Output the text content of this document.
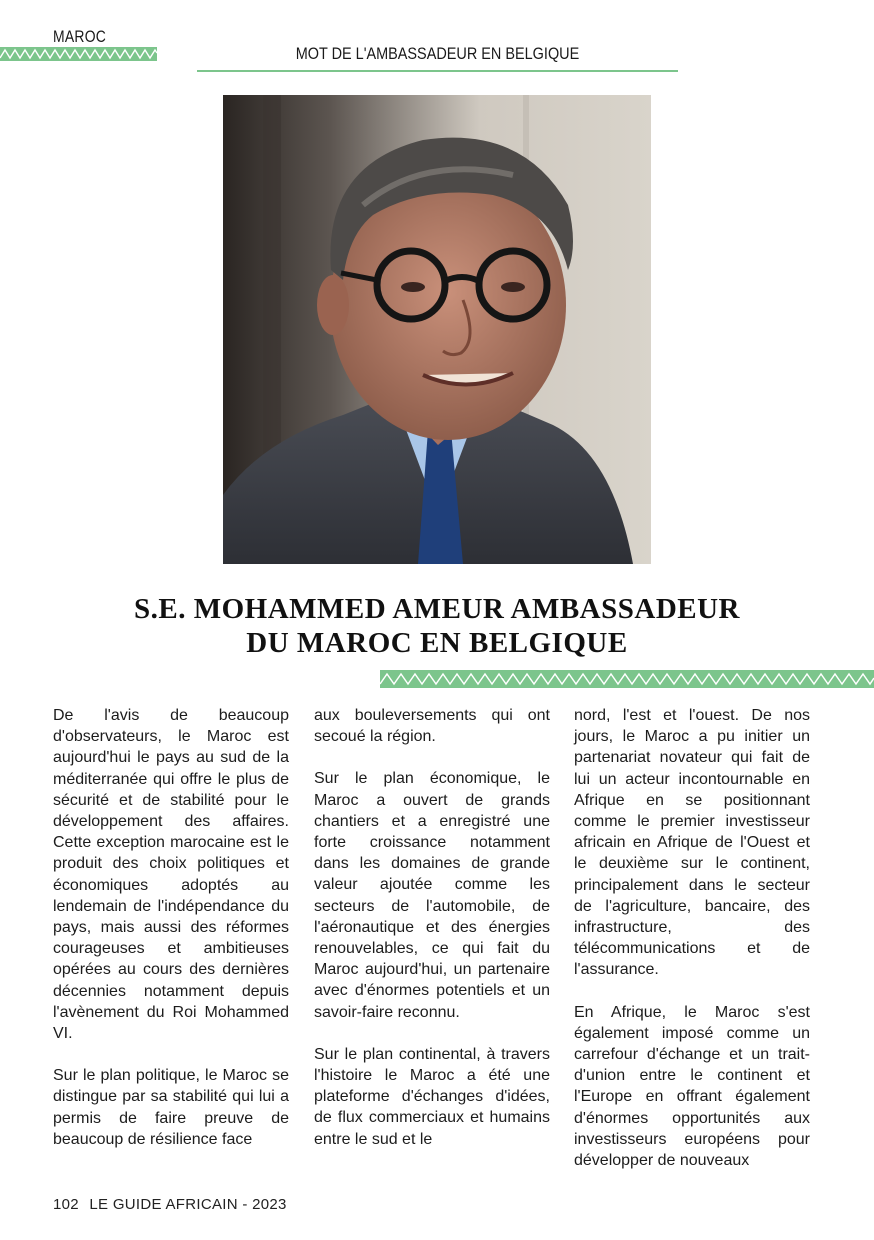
MAROC
MOT DE L'AMBASSADEUR EN BELGIQUE
S.E. MOHAMMED AMEUR AMBASSADEUR
DU MAROC EN BELGIQUE

De l'avis de beaucoup d'observateurs, le Maroc est aujourd'hui le pays au sud de la méditerranée qui offre le plus de sécurité et de stabilité pour le développement des affaires. Cette exception marocaine est le produit des choix politiques et économiques adoptés au lendemain de l'indépendance du pays, mais aussi des réformes courageuses et ambitieuses opérées au cours des dernières décennies notamment depuis l'avènement du Roi Mohammed VI.

Sur le plan politique, le Maroc se distingue par sa stabilité qui lui a permis de faire preuve de beaucoup de résilience face

aux bouleversements qui ont secoué la région.

Sur le plan économique, le Maroc a ouvert de grands chantiers et a enregistré une forte croissance notamment dans les domaines de grande valeur ajoutée comme les secteurs de l'automobile, de l'aéronautique et des énergies renouvelables, ce qui fait du Maroc aujourd'hui, un partenaire avec d'énormes potentiels et un savoir-faire reconnu.

Sur le plan continental, à travers l'histoire le Maroc a été une plateforme d'échanges d'idées, de flux commerciaux et humains entre le sud et le

nord, l'est et l'ouest. De nos jours, le Maroc a pu initier un partenariat novateur qui fait de lui un acteur incontournable en Afrique en se positionnant comme le premier investisseur africain en Afrique de l'Ouest et le deuxième sur le continent, principalement dans le secteur de l'agriculture, bancaire, des infrastructure, des télécommunications et de l'assurance.

En Afrique, le Maroc s'est également imposé comme un carrefour d'échange et un trait-d'union entre le continent et l'Europe en offrant également d'énormes opportunités aux investisseurs européens pour développer de nouveaux

102 LE GUIDE AFRICAIN - 2023
